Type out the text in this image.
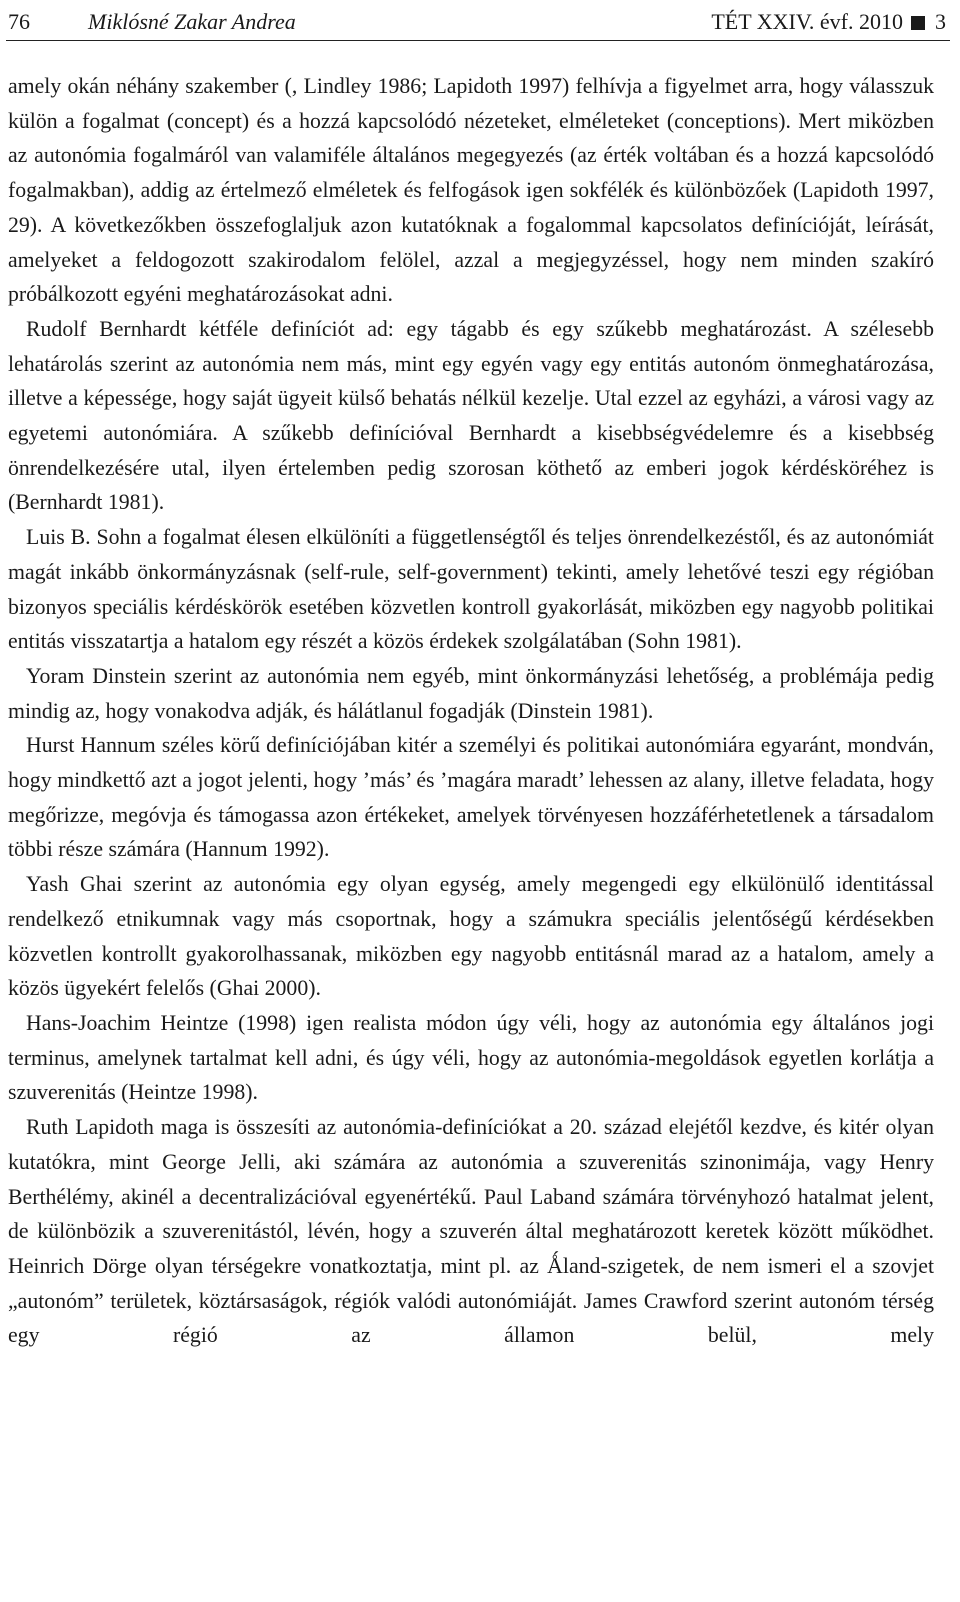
76	Miklósné Zakar Andrea	TÉT XXIV. évf. 2010 3

amely okán néhány szakember (, Lindley 1986; Lapidoth 1997) felhívja a figyelmet arra, hogy válasszuk külön a fogalmat (concept) és a hozzá kapcsolódó nézeteket, elméleteket (conceptions). Mert miközben az autonómia fogalmáról van valamiféle általános megegyezés (az érték voltában és a hozzá kapcsolódó fogalmakban), addig az értelmező elméletek és felfogások igen sokfélék és különbözőek (Lapidoth 1997, 29). A következőkben összefoglaljuk azon kutatóknak a fogalommal kapcsolatos definícióját, leírását, amelyeket a feldogozott szakirodalom felölel, azzal a megjegyzéssel, hogy nem minden szakíró próbálkozott egyéni meghatározásokat adni.

Rudolf Bernhardt kétféle definíciót ad: egy tágabb és egy szűkebb meghatározást. A szélesebb lehatárolás szerint az autonómia nem más, mint egy egyén vagy egy entitás autonóm önmeghatározása, illetve a képessége, hogy saját ügyeit külső behatás nélkül kezelje. Utal ezzel az egyházi, a városi vagy az egyetemi autonómiára. A szűkebb definícióval Bernhardt a kisebbségvédelemre és a kisebbség önrendelkezésére utal, ilyen értelemben pedig szorosan köthető az emberi jogok kérdésköréhez is (Bernhardt 1981).

Luis B. Sohn a fogalmat élesen elkülöníti a függetlenségtől és teljes önrendelkezéstől, és az autonómiát magát inkább önkormányzásnak (self-rule, self-government) tekinti, amely lehetővé teszi egy régióban bizonyos speciális kérdéskörök esetében közvetlen kontroll gyakorlását, miközben egy nagyobb politikai entitás visszatartja a hatalom egy részét a közös érdekek szolgálatában (Sohn 1981).

Yoram Dinstein szerint az autonómia nem egyéb, mint önkormányzási lehetőség, a problémája pedig mindig az, hogy vonakodva adják, és hálátlanul fogadják (Dinstein 1981).

Hurst Hannum széles körű definíciójában kitér a személyi és politikai autonómiára egyaránt, mondván, hogy mindkettő azt a jogot jelenti, hogy ’más’ és ’magára maradt’ lehessen az alany, illetve feladata, hogy megőrizze, megóvja és támogassa azon értékeket, amelyek törvényesen hozzáférhetetlenek a társadalom többi része számára (Hannum 1992).

Yash Ghai szerint az autonómia egy olyan egység, amely megengedi egy elkülönülő identitással rendelkező etnikumnak vagy más csoportnak, hogy a számukra speciális jelentőségű kérdésekben közvetlen kontrollt gyakorolhassanak, miközben egy nagyobb entitásnál marad az a hatalom, amely a közös ügyekért felelős (Ghai 2000).

Hans-Joachim Heintze (1998) igen realista módon úgy véli, hogy az autonómia egy általános jogi terminus, amelynek tartalmat kell adni, és úgy véli, hogy az autonómia-megoldások egyetlen korlátja a szuverenitás (Heintze 1998).

Ruth Lapidoth maga is összesíti az autonómia-definíciókat a 20. század elejétől kezdve, és kitér olyan kutatókra, mint George Jelli, aki számára az autonómia a szuverenitás szinonimája, vagy Henry Berthélémy, akinél a decentralizációval egyenértékű. Paul Laband számára törvényhozó hatalmat jelent, de különbözik a szuverenitástól, lévén, hogy a szuverén által meghatározott keretek között működhet. Heinrich Dörge olyan térségekre vonatkoztatja, mint pl. az Ǻland-szigetek, de nem ismeri el a szovjet „autonóm” területek, köztársaságok, régiók valódi autonómiáját. James Crawford szerint autonóm térség egy régió az államon belül, mely
